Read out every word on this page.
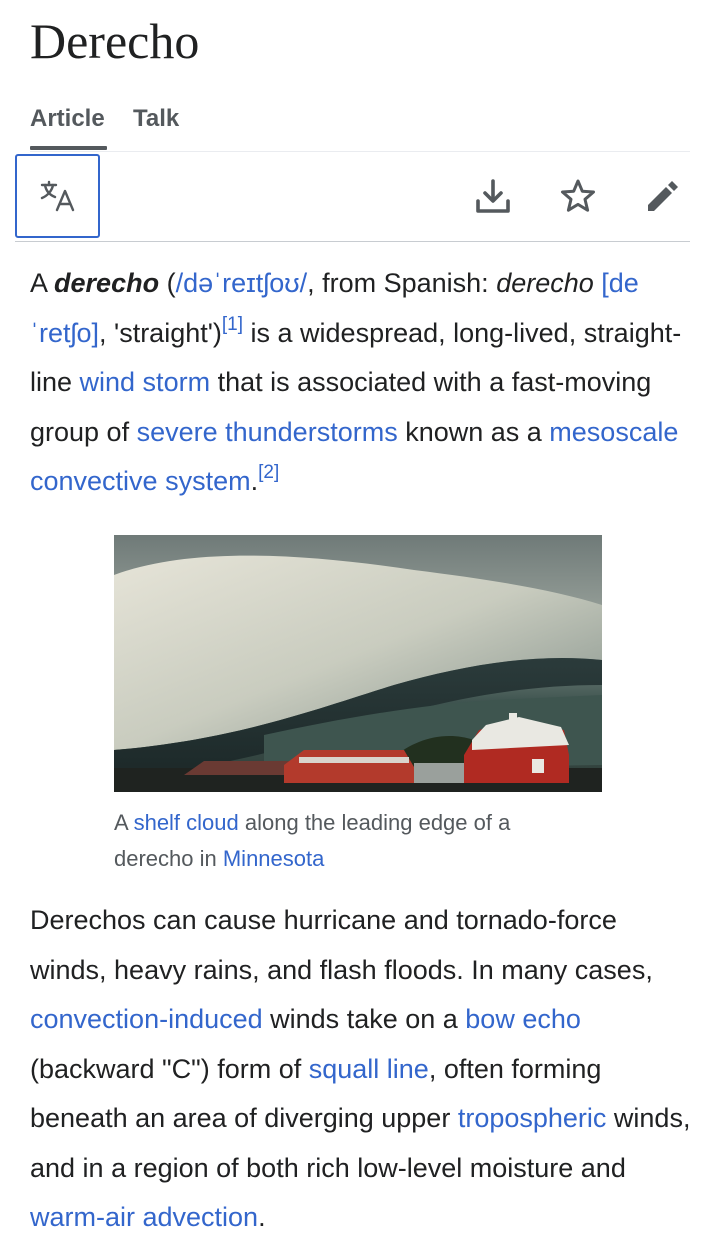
Derecho
Article Talk

A derecho (/dəˈreɪtʃoʊ/, from Spanish: derecho [deˈretʃo], 'straight')[1] is a widespread, long-lived, straight-line wind storm that is associated with a fast-moving group of severe thunderstorms known as a mesoscale convective system.[2]

A shelf cloud along the leading edge of a derecho in Minnesota

Derechos can cause hurricane and tornado-force winds, heavy rains, and flash floods. In many cases, convection-induced winds take on a bow echo (backward "C") form of squall line, often forming beneath an area of diverging upper tropospheric winds, and in a region of both rich low-level moisture and warm-air advection.
